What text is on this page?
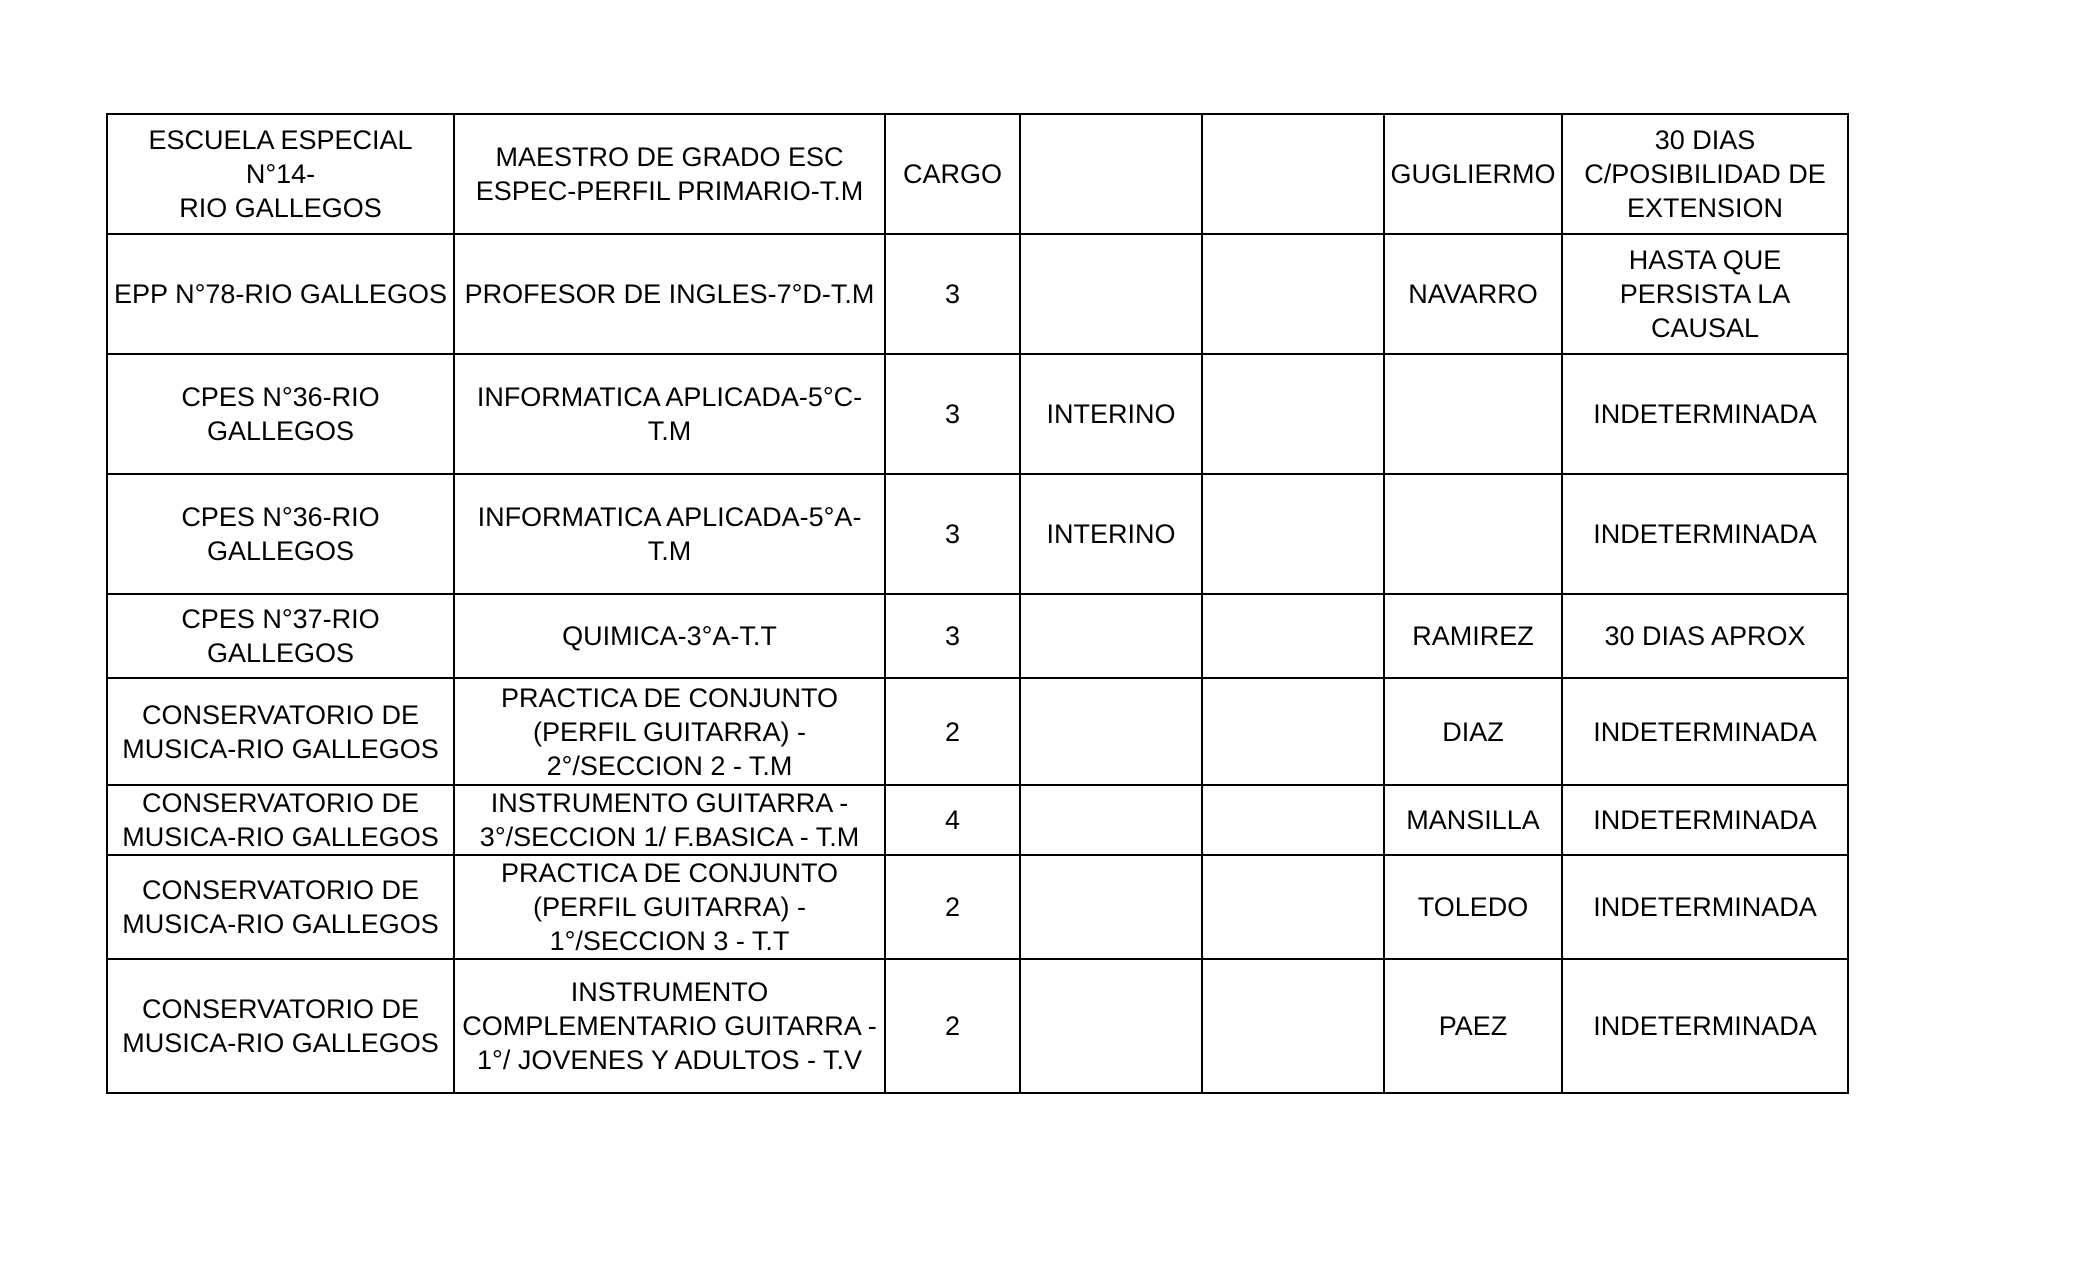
ESCUELA ESPECIAL N°14-
RIO GALLEGOS	MAESTRO DE GRADO ESC
ESPEC-PERFIL PRIMARIO-T.M	CARGO			GUGLIERMO	30 DIAS
C/POSIBILIDAD DE
EXTENSION

EPP N°78-RIO GALLEGOS	PROFESOR DE INGLES-7°D-T.M	3			NAVARRO	HASTA QUE
PERSISTA LA
CAUSAL

CPES N°36-RIO
GALLEGOS	INFORMATICA APLICADA-5°C-
T.M	3	INTERINO			INDETERMINADA

CPES N°36-RIO
GALLEGOS	INFORMATICA APLICADA-5°A-
T.M	3	INTERINO			INDETERMINADA

CPES N°37-RIO
GALLEGOS	QUIMICA-3°A-T.T	3			RAMIREZ	30 DIAS APROX

CONSERVATORIO DE
MUSICA-RIO GALLEGOS	PRACTICA DE CONJUNTO
(PERFIL GUITARRA) -
2°/SECCION 2 - T.M	2			DIAZ	INDETERMINADA

CONSERVATORIO DE
MUSICA-RIO GALLEGOS	INSTRUMENTO GUITARRA -
3°/SECCION 1/ F.BASICA - T.M	4			MANSILLA	INDETERMINADA

CONSERVATORIO DE
MUSICA-RIO GALLEGOS	PRACTICA DE CONJUNTO
(PERFIL GUITARRA) -
1°/SECCION 3 - T.T	2			TOLEDO	INDETERMINADA

CONSERVATORIO DE
MUSICA-RIO GALLEGOS	INSTRUMENTO
COMPLEMENTARIO GUITARRA -
1°/ JOVENES Y ADULTOS - T.V	2			PAEZ	INDETERMINADA
